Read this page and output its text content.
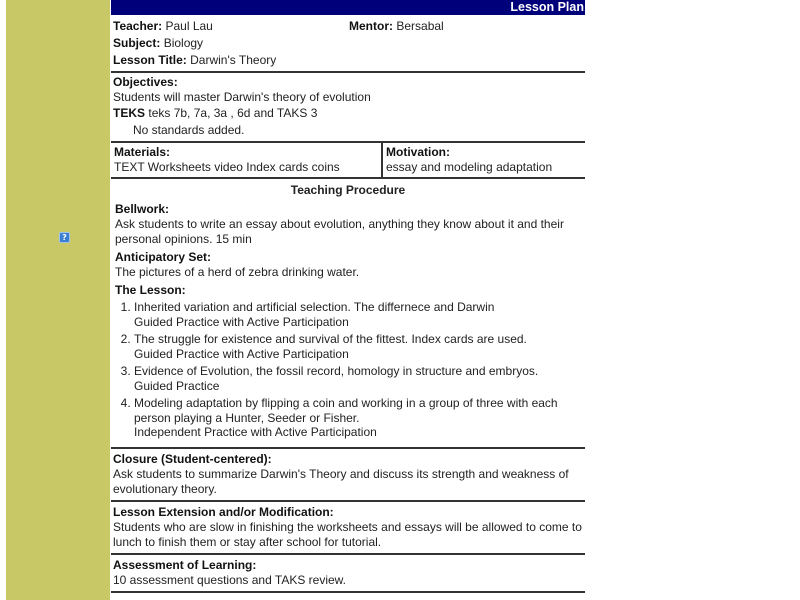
?
Lesson Plan
Teacher: Paul Lau	Mentor: Bersabal
Subject: Biology
Lesson Title: Darwin's Theory
Objectives:
Students will master Darwin's theory of evolution
TEKS teks 7b, 7a, 3a , 6d and TAKS 3
No standards added.
Materials:
TEXT Worksheets video Index cards coins
Motivation:
essay and modeling adaptation
Teaching Procedure
Bellwork:
Ask students to write an essay about evolution, anything they know about it and their personal opinions. 15 min
Anticipatory Set:
The pictures of a herd of zebra drinking water.
The Lesson:
1. Inherited variation and artificial selection. The differnece and Darwin
Guided Practice with Active Participation
2. The struggle for existence and survival of the fittest. Index cards are used.
Guided Practice with Active Participation
3. Evidence of Evolution, the fossil record, homology in structure and embryos.
Guided Practice
4. Modeling adaptation by flipping a coin and working in a group of three with each person playing a Hunter, Seeder or Fisher.
Independent Practice with Active Participation
Closure (Student-centered):
Ask students to summarize Darwin's Theory and discuss its strength and weakness of evolutionary theory.
Lesson Extension and/or Modification:
Students who are slow in finishing the worksheets and essays will be allowed to come to lunch to finish them or stay after school for tutorial.
Assessment of Learning:
10 assessment questions and TAKS review.
